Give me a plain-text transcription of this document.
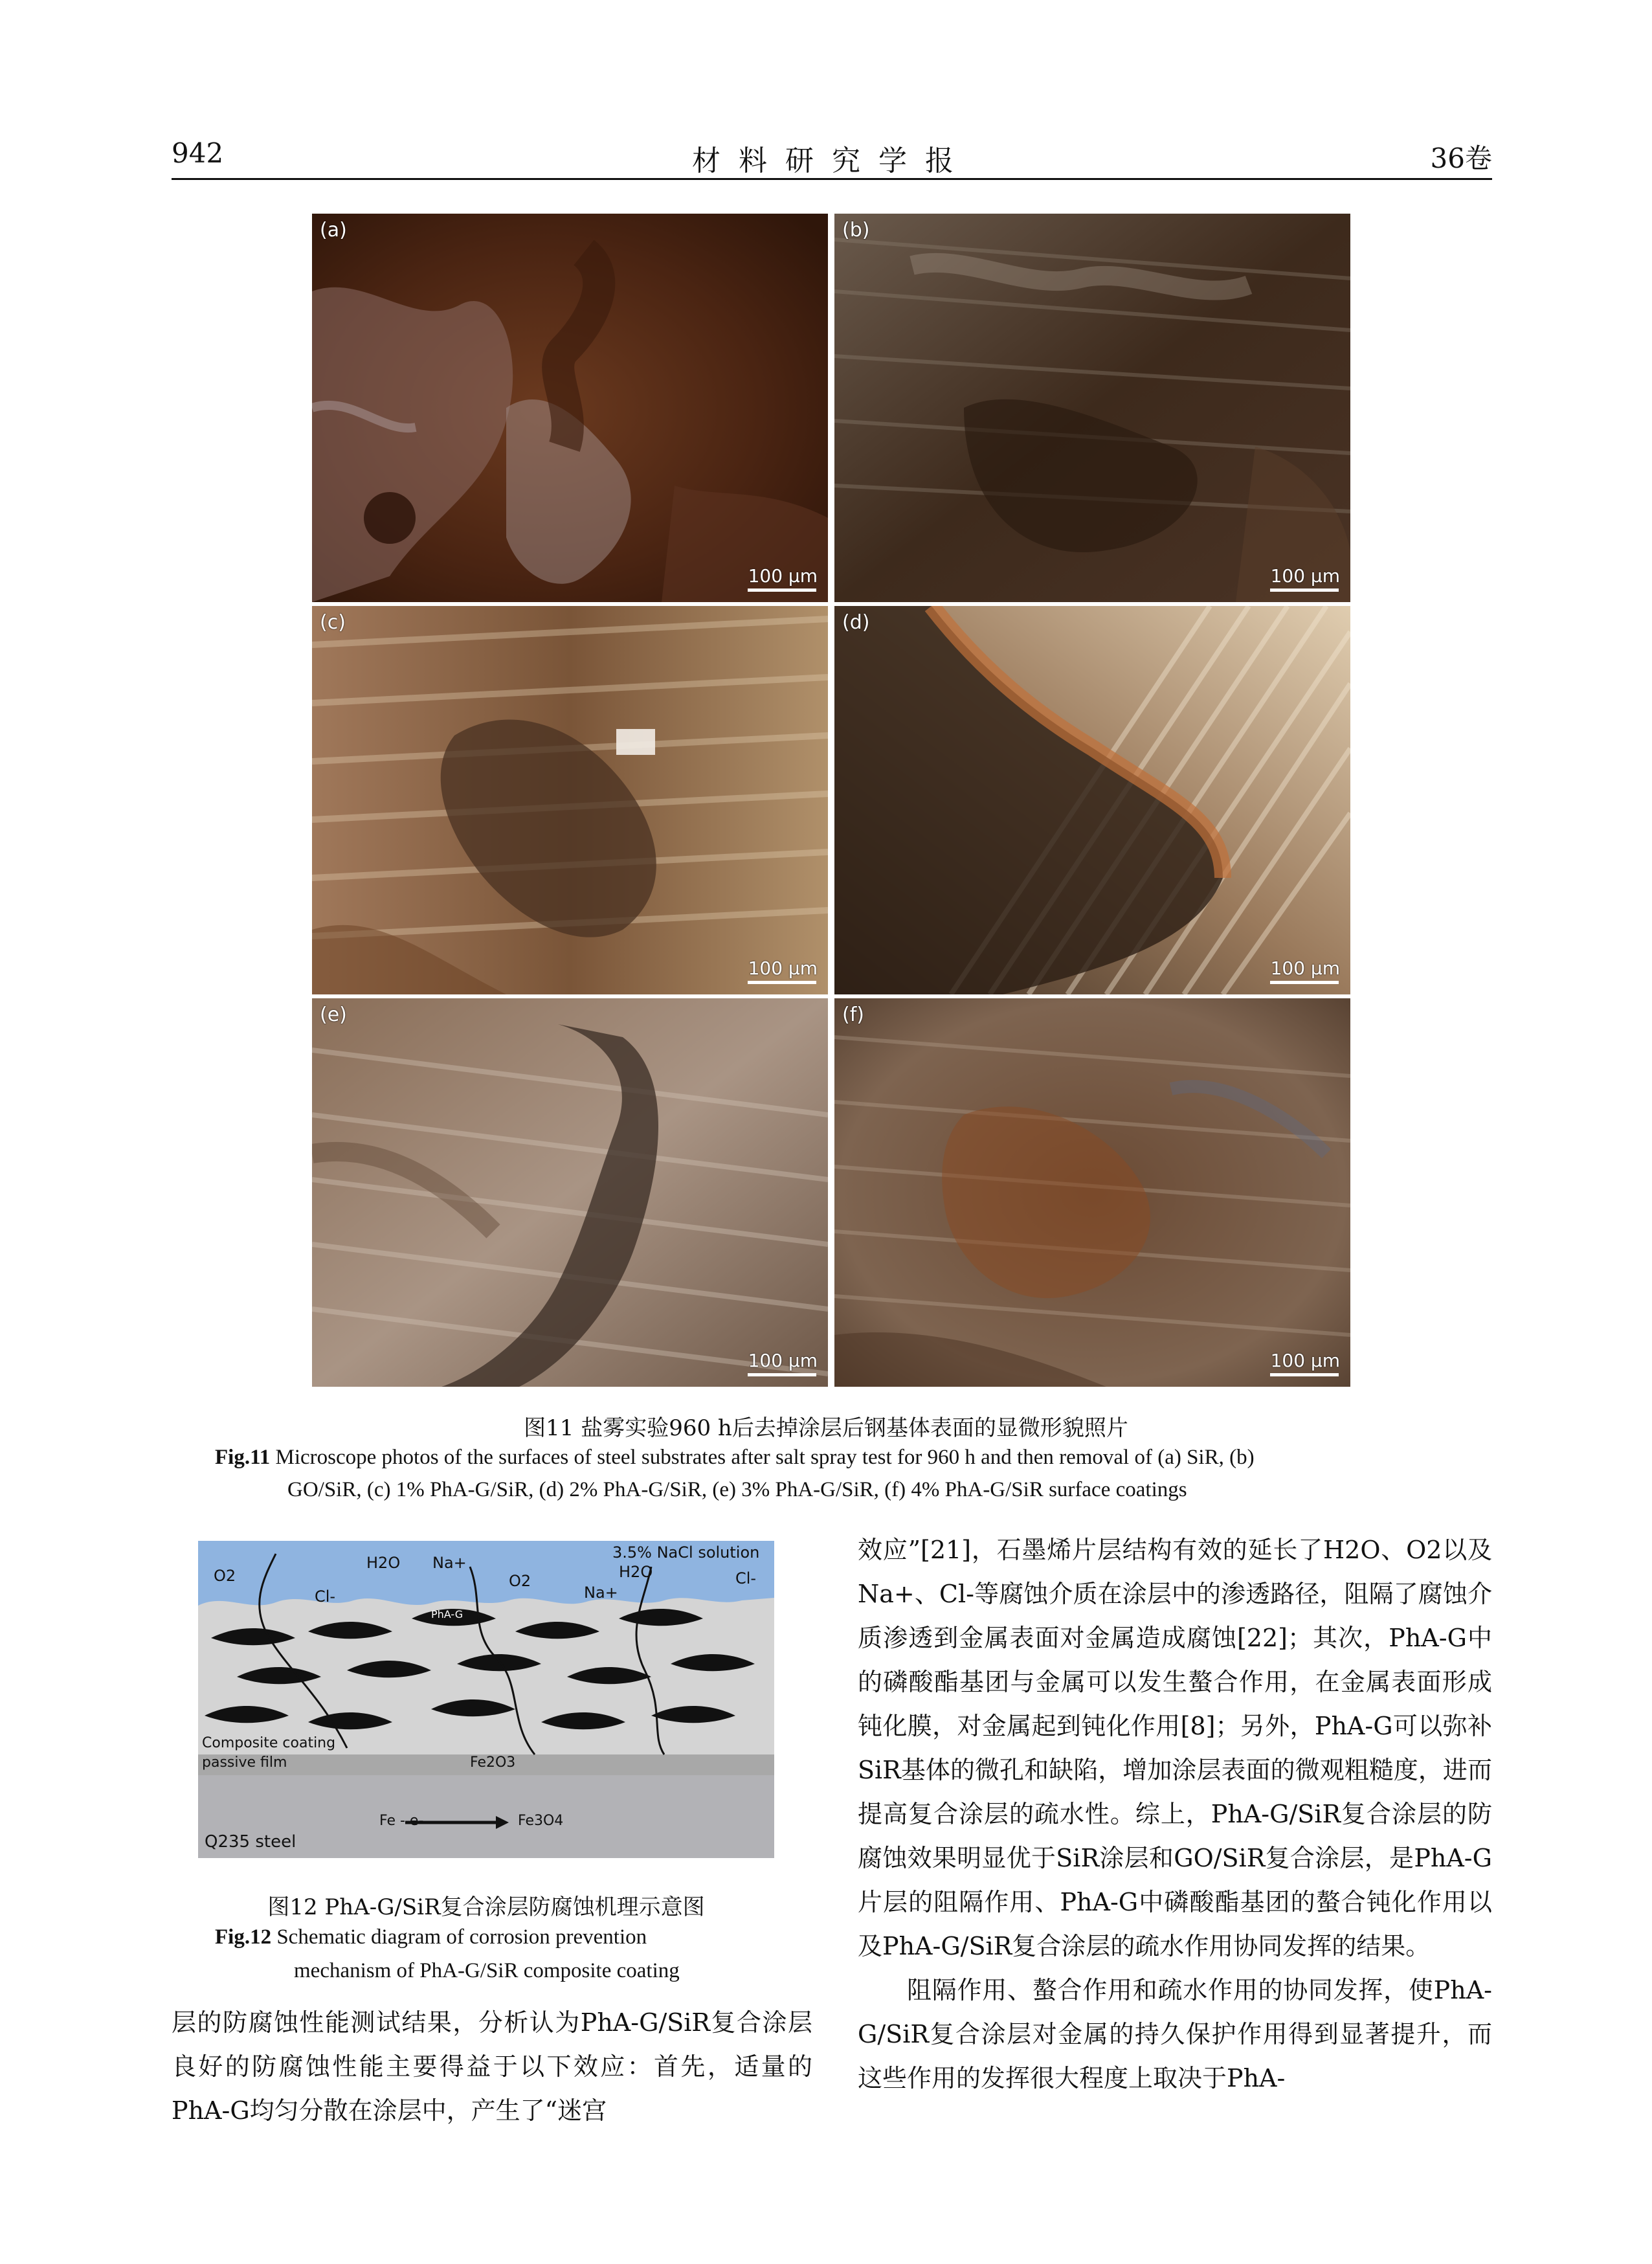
942	材料研究学报	36卷
(a)
100 μm
(b)
100 μm
(c)
100 μm
(d)
100 μm
(e)
100 μm
(f)
100 μm
图11 盐雾实验960 h后去掉涂层后钢基体表面的显微形貌照片
Fig.11 Microscope photos of the surfaces of steel substrates after salt spray test for 960 h and then removal of (a) SiR, (b)
GO/SiR, (c) 1% PhA-G/SiR, (d) 2% PhA-G/SiR, (e) 3% PhA-G/SiR, (f) 4% PhA-G/SiR surface coatings
O2
H2O Na+
3.5% NaCl solution
H2O
O2
Cl-	Na+
Cl-
PhA-G
Composite coating
passive film	Fe2O3
Fe - e-	Fe3O4
Q235 steel
图12 PhA-G/SiR复合涂层防腐蚀机理示意图
Fig.12 Schematic diagram of corrosion prevention
mechanism of PhA-G/SiR composite coating

层的防腐蚀性能测试结果，分析认为PhA-G/SiR复合涂层良好的防腐蚀性能主要得益于以下效应：首先，适量的PhA-G均匀分散在涂层中，产生了“迷宫

效应”[21]，石墨烯片层结构有效的延长了H2O、O2以及Na+、Cl-等腐蚀介质在涂层中的渗透路径，阻隔了腐蚀介质渗透到金属表面对金属造成腐蚀[22]；其次，PhA-G中的磷酸酯基团与金属可以发生螯合作用，在金属表面形成钝化膜，对金属起到钝化作用[8]；另外，PhA-G可以弥补SiR基体的微孔和缺陷，增加涂层表面的微观粗糙度，进而提高复合涂层的疏水性。综上，PhA-G/SiR复合涂层的防腐蚀效果明显优于SiR涂层和GO/SiR复合涂层，是PhA-G片层的阻隔作用、PhA-G中磷酸酯基团的螯合钝化作用以及PhA-G/SiR复合涂层的疏水作用协同发挥的结果。

阻隔作用、螯合作用和疏水作用的协同发挥，使PhA-G/SiR复合涂层对金属的持久保护作用得到显著提升，而这些作用的发挥很大程度上取决于PhA-
